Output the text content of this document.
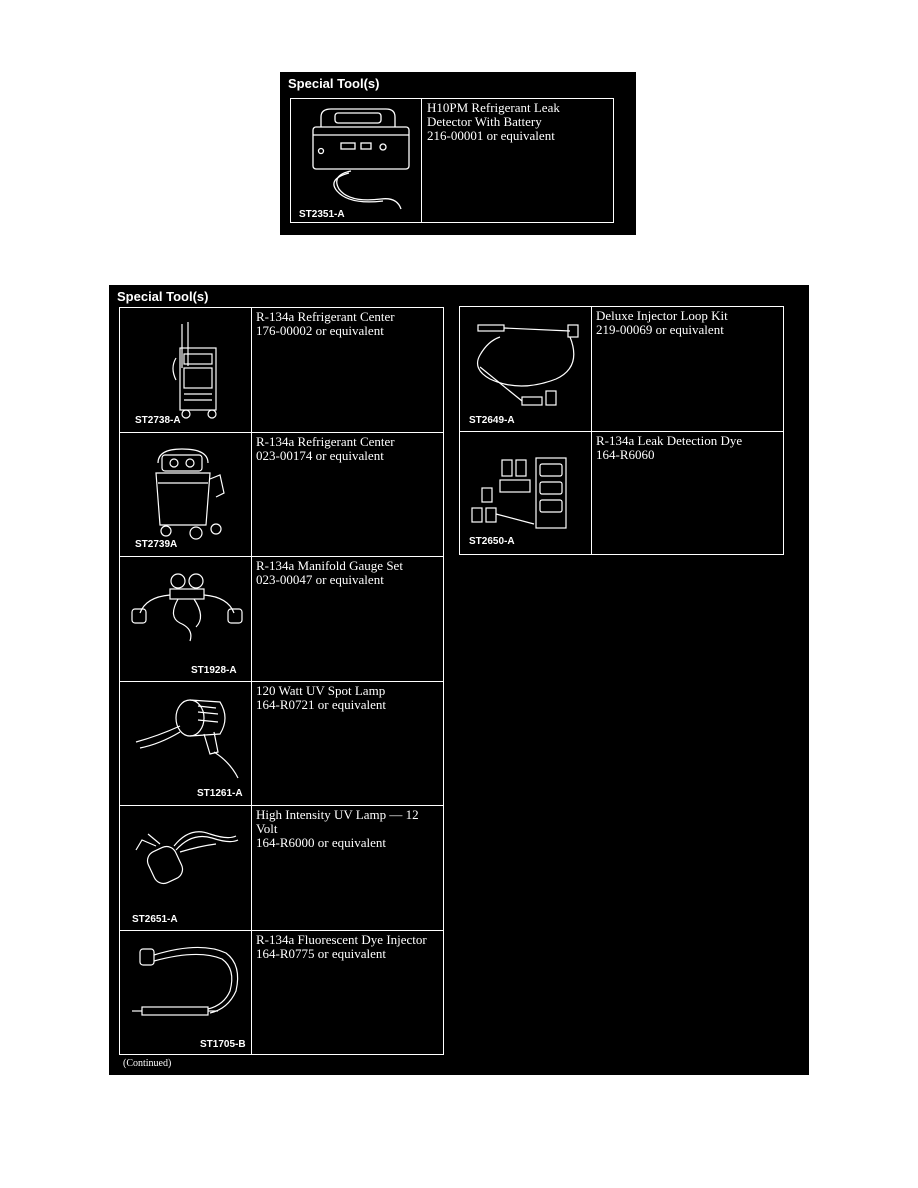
Special Tool(s)
ST2351-A
H10PM Refrigerant Leak
Detector With Battery
216-00001 or equivalent
Special Tool(s)
ST2738-A
R-134a Refrigerant Center
176-00002 or equivalent
ST2739A
R-134a Refrigerant Center
023-00174 or equivalent
ST1928-A
R-134a Manifold Gauge Set
023-00047 or equivalent
ST1261-A
120 Watt UV Spot Lamp
164-R0721 or equivalent
ST2651-A
High Intensity UV Lamp — 12
Volt
164-R6000 or equivalent
ST1705-B
R-134a Fluorescent Dye Injector
164-R0775 or equivalent
ST2649-A
Deluxe Injector Loop Kit
219-00069 or equivalent
ST2650-A
R-134a Leak Detection Dye
164-R6060
(Continued)
